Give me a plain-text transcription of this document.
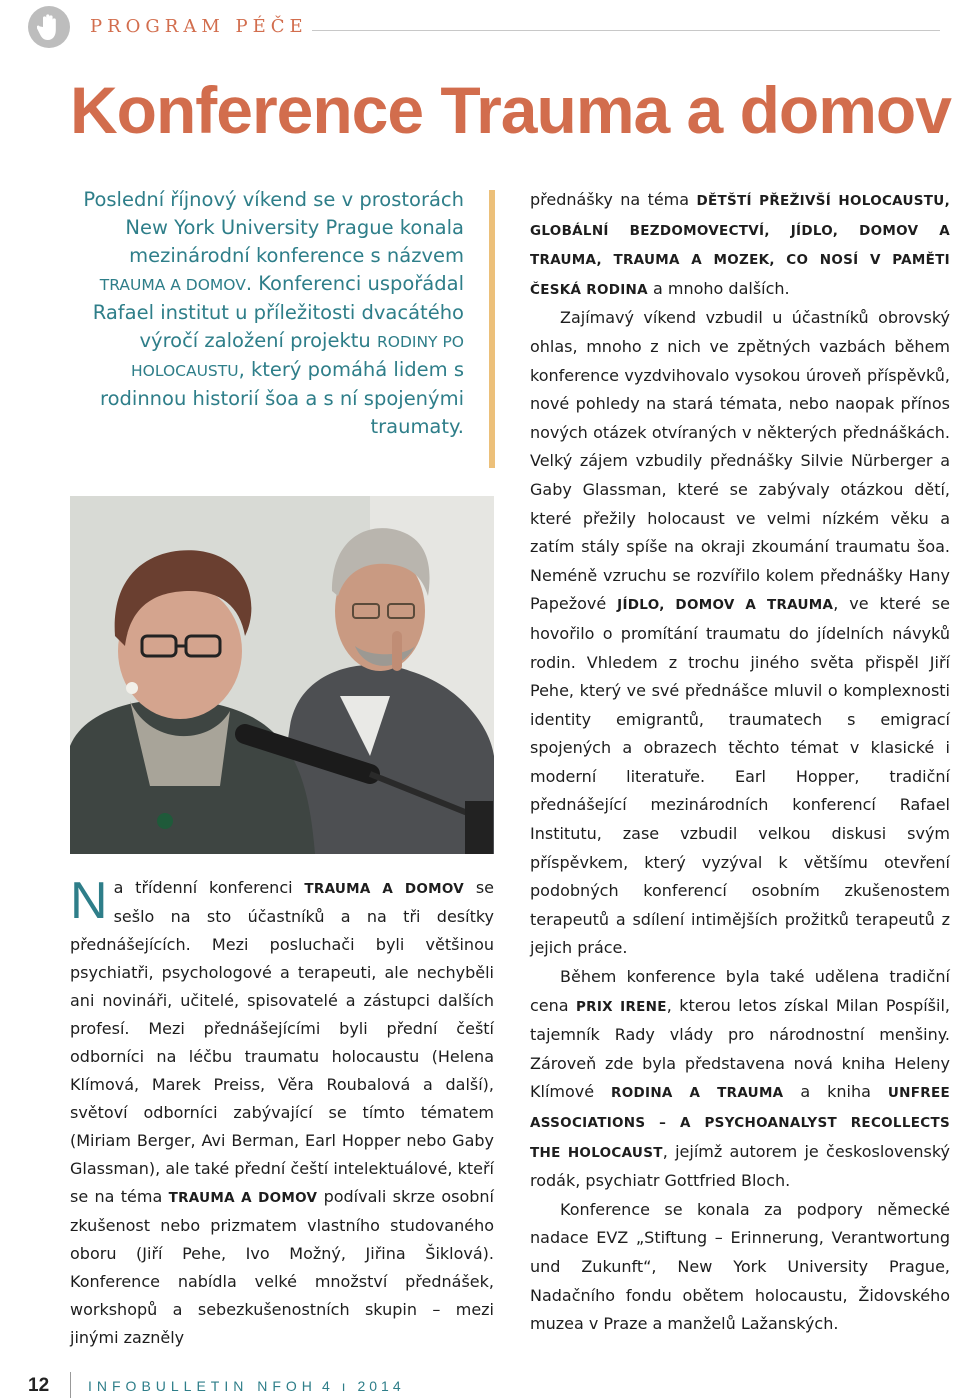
PROGRAM PÉČE
Konference Trauma a domov
Poslední říjnový víkend se v prostorách New York University Prague konala mezinárodní konference s názvem TRAUMA A DOMOV. Konferenci uspořádal Rafael institut u příležitosti dvacátého výročí založení projektu RODINY PO HOLOCAUSTU, který pomáhá lidem s rodinnou historií šoa a s ní spojenými traumaty.
Na třídenní konferenci TRAUMA A DOMOV se sešlo na sto účastníků a na tři desítky přednášejících. Mezi posluchači byli většinou psychiatři, psychologové a terapeuti, ale nechyběli ani novináři, učitelé, spisovatelé a zástupci dalších profesí. Mezi přednášejícími byli přední čeští odborníci na léčbu traumatu holocaustu (Helena Klímová, Marek Preiss, Věra Roubalová a další), světoví odborníci zabývající se tímto tématem (Miriam Berger, Avi Berman, Earl Hopper nebo Gaby Glassman), ale také přední čeští intelektuálové, kteří se na téma TRAUMA A DOMOV podívali skrze osobní zkušenost nebo prizmatem vlastního studovaného oboru (Jiří Pehe, Ivo Možný, Jiřina Šiklová). Konference nabídla velké množství přednášek, workshopů a sebezkušenostních skupin – mezi jinými zazněly

přednášky na téma DĚTŠTÍ PŘEŽIVŠÍ HOLOCAUSTU, GLOBÁLNÍ BEZDOMOVECTVÍ, JÍDLO, DOMOV A TRAUMA, TRAUMA A MOZEK, CO NOSÍ V PAMĚTI ČESKÁ RODINA a mnoho dalších.

Zajímavý víkend vzbudil u účastníků obrovský ohlas, mnoho z nich ve zpětných vazbách během konference vyzdvihovalo vysokou úroveň příspěvků, nové pohledy na stará témata, nebo naopak přínos nových otázek otvíraných v některých přednáškách. Velký zájem vzbudily přednášky Silvie Nürberger a Gaby Glassman, které se zabývaly otázkou dětí, které přežily holocaust ve velmi nízkém věku a zatím stály spíše na okraji zkoumání traumatu šoa. Neméně vzruchu se rozvířilo kolem přednášky Hany Papežové JÍDLO, DOMOV A TRAUMA, ve které se hovořilo o promítání traumatu do jídelních návyků rodin. Vhledem z trochu jiného světa přispěl Jiří Pehe, který ve své přednášce mluvil o komplexnosti identity emigrantů, traumatech s emigrací spojených a obrazech těchto témat v klasické i moderní literatuře. Earl Hopper, tradiční přednášející mezinárodních konferencí Rafael Institutu, zase vzbudil velkou diskusi svým příspěvkem, který vyzýval k většímu otevření podobných konferencí osobním zkušenostem terapeutů a sdílení intimějších prožitků terapeutů z jejich práce.

Během konference byla také udělena tradiční cena PRIX IRENE, kterou letos získal Milan Pospíšil, tajemník Rady vlády pro národnostní menšiny. Zároveň zde byla představena nová kniha Heleny Klímové RODINA A TRAUMA a kniha UNFREE ASSOCIATIONS – A PSYCHOANALYST RECOLLECTS THE HOLOCAUST, jejímž autorem je československý rodák, psychiatr Gottfried Bloch.

Konference se konala za podpory německé nadace EVZ „Stiftung – Erinnerung, Verantwortung und Zukunft“, New York University Prague, Nadačního fondu obětem holocaustu, Židovského muzea v Praze a manželů Lažanských.

12	INFOBULLETIN NFOH 4 ı 2014
